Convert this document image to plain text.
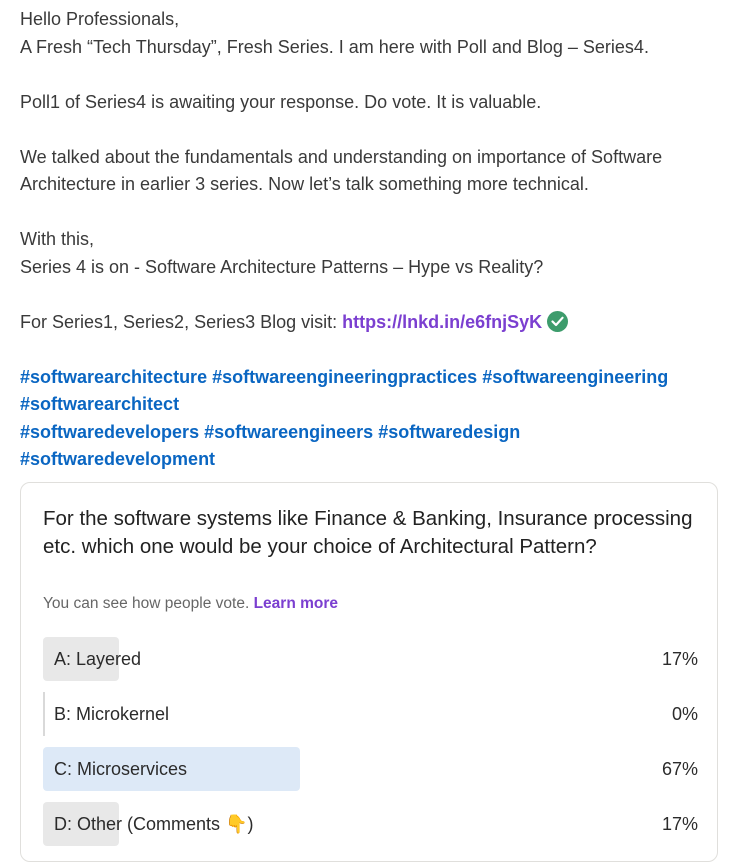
Hello Professionals,

A Fresh “Tech Thursday”, Fresh Series. I am here with Poll and Blog – Series4.

Poll1 of Series4 is awaiting your response. Do vote. It is valuable.

We talked about the fundamentals and understanding on importance of Software Architecture in earlier 3 series. Now let’s talk something more technical.

With this,

Series 4 is on - Software Architecture Patterns – Hype vs Reality?

For Series1, Series2, Series3 Blog visit: https://lnkd.in/e6fnjSyK

#softwarearchitecture #softwareengineeringpractices #softwareengineering

#softwarearchitect

#softwaredevelopers #softwareengineers #softwaredesign

#softwaredevelopment

For the software systems like Finance & Banking, Insurance processing etc. which one would be your choice of Architectural Pattern?
You can see how people vote. Learn more
A: Layered	17%
B: Microkernel	0%
C: Microservices	67%
D: Other (Comments 👇)	17%
